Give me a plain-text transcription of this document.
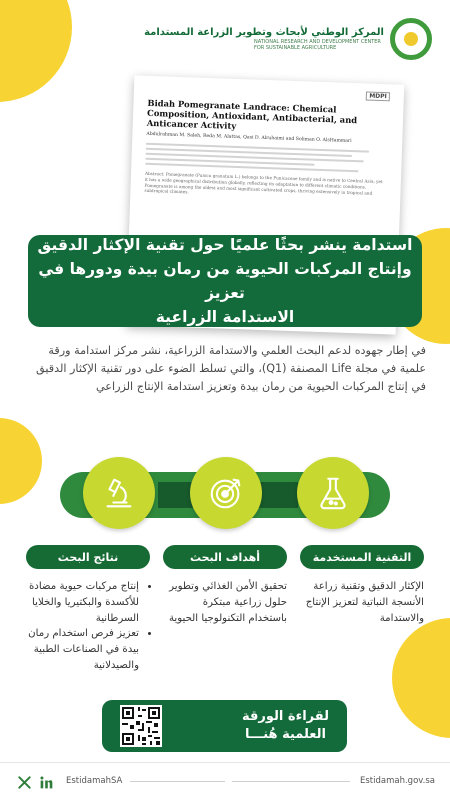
المركز الوطني لأبحاث وتطوير الزراعة المستدامة
NATIONAL RESEARCH AND DEVELOPMENT CENTER FOR SUSTAINABLE AGRICULTURE
MDPI
Bidah Pomegranate Landrace: Chemical Composition, Antioxidant, Antibacterial, and Anticancer Activity
Abdulrahman M. Saleh, Reda M. Alattas, Qasi D. Alruhaimi and Soliman O. AlsHammari
Abstract: Pomegranate (Punica granatum L.) belongs to the Punicaceae family and is native to Central Asia; yet it has a wide geographical distribution globally, reflecting its adaptation to different climatic conditions. Pomegranate is among the oldest and most significant cultivated crops, thriving extensively in tropical and subtropical climates.
استدامة ينشر بحثًا علميًا حول تقنية الإكثار الدقيق
وإنتاج المركبات الحيوية من رمان بيدة ودورها في تعزيز
الاستدامة الزراعية
في إطار جهوده لدعم البحث العلمي والاستدامة الزراعية، نشر مركز استدامة ورقة علمية في مجلة Life المصنفة (Q1)، والتي تسلط الضوء على دور تقنية الإكثار الدقيق في إنتاج المركبات الحيوية من رمان بيدة وتعزيز استدامة الإنتاج الزراعي
التقنية المستخدمة
الإكثار الدقيق وتقنية زراعة الأنسجة النباتية لتعزيز الإنتاج والاستدامة
أهداف البحث
تحقيق الأمن الغذائي وتطوير حلول زراعية مبتكرة باستخدام التكنولوجيا الحيوية
نتائج البحث
• إنتاج مركبات حيوية مضادة للأكسدة والبكتيريا والخلايا السرطانية
• تعزيز فرص استخدام رمان بيدة في الصناعات الطبية والصيدلانية
لقراءة الورقة
العلمية هُنـــا
EstidamahSA	Estidamah.gov.sa
